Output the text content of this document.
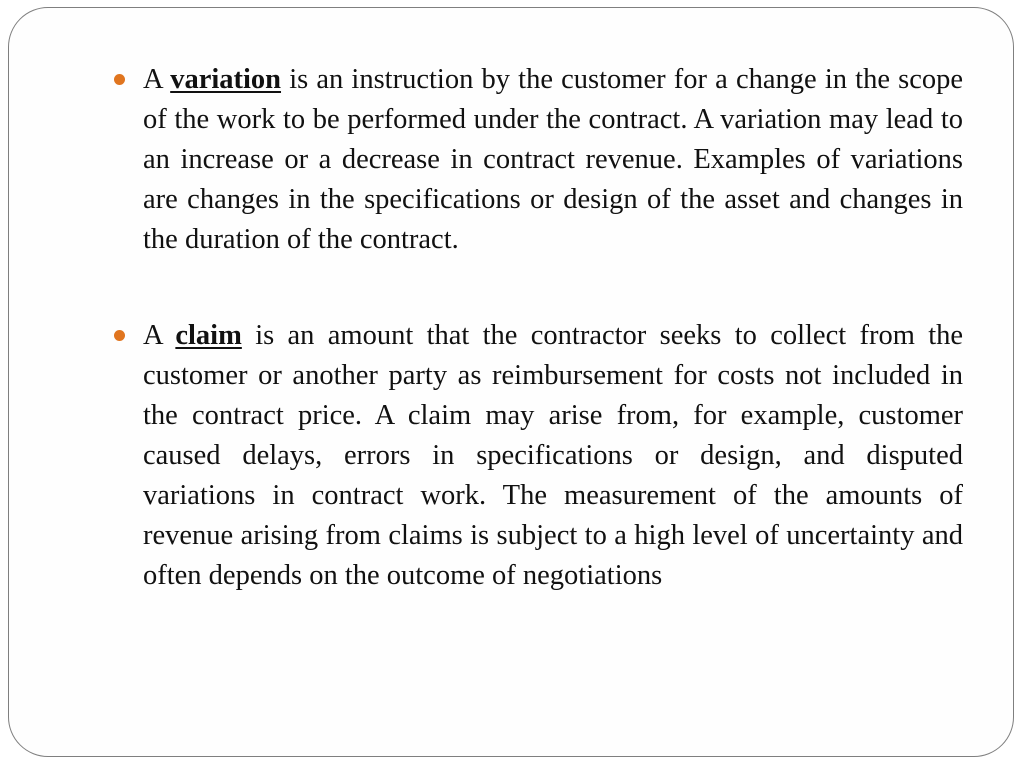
A variation is an instruction by the customer for a change in the scope of the work to be performed under the contract. A variation may lead to an increase or a decrease in contract revenue. Examples of variations are changes in the specifications or design of the asset and changes in the duration of the contract.

A claim is an amount that the contractor seeks to collect from the customer or another party as reimbursement for costs not included in the contract price. A claim may arise from, for example, customer caused delays, errors in specifications or design, and disputed variations in contract work. The measurement of the amounts of revenue arising from claims is subject to a high level of uncertainty and often depends on the outcome of negotiations
